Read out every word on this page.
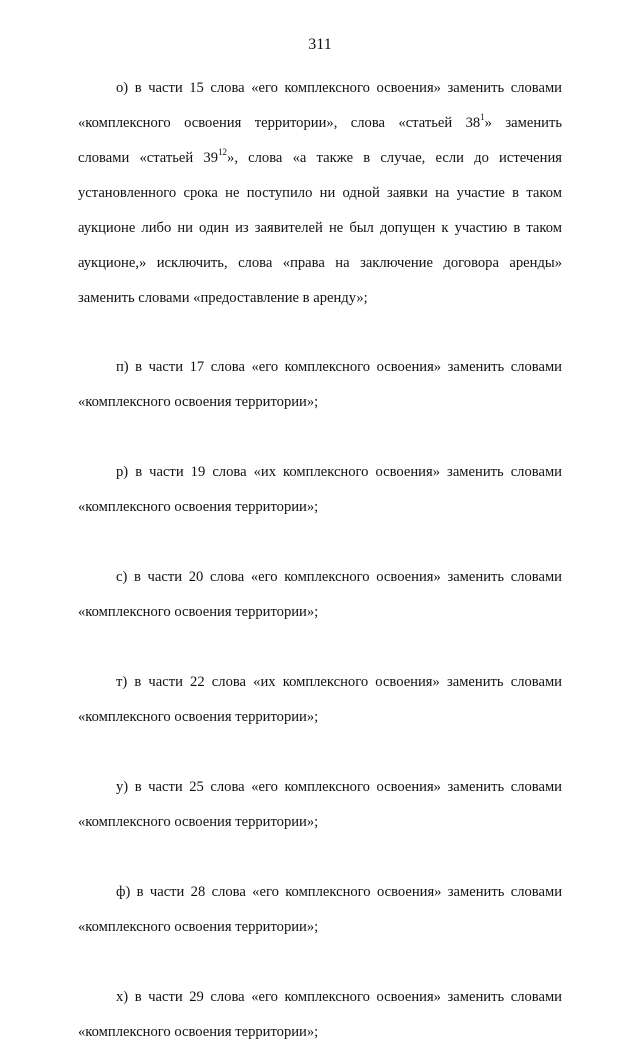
311
о) в части 15 слова «его комплексного освоения» заменить словами
«комплексного освоения территории», слова «статьей $38^1$» заменить
словами «статьей $39^{12}$», слова «а также в случае, если до истечения
установленного срока не поступило ни одной заявки на участие в таком
аукционе либо ни один из заявителей не был допущен к участию в таком
аукционе,» исключить, слова «права на заключение договора аренды»
заменить словами «предоставление в аренду»;
п) в части 17 слова «его комплексного освоения» заменить словами
«комплексного освоения территории»;
р) в части 19 слова «их комплексного освоения» заменить словами
«комплексного освоения территории»;
с) в части 20 слова «его комплексного освоения» заменить словами
«комплексного освоения территории»;
т) в части 22 слова «их комплексного освоения» заменить словами
«комплексного освоения территории»;
у) в части 25 слова «его комплексного освоения» заменить словами
«комплексного освоения территории»;
ф) в части 28 слова «его комплексного освоения» заменить словами
«комплексного освоения территории»;
х) в части 29 слова «его комплексного освоения» заменить словами
«комплексного освоения территории»;
